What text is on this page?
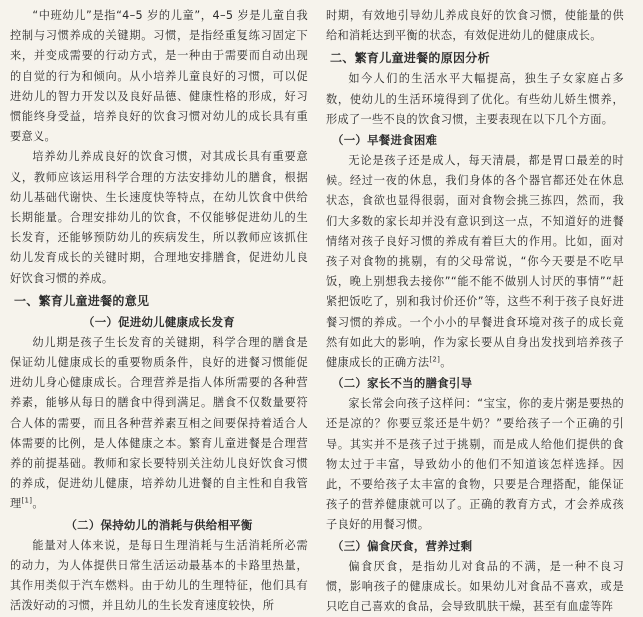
“中班幼儿”是指“4–5 岁的儿童”，4–5 岁是儿童自我控制与习惯养成的关键期。习惯，是指经重复练习固定下来，并变成需要的行动方式，是一种由于需要而自动出现的自觉的行为和倾向。从小培养儿童良好的习惯，可以促进幼儿的智力开发以及良好品德、健康性格的形成，好习惯能终身受益，培养良好的饮食习惯对幼儿的成长具有重要意义。

培养幼儿养成良好的饮食习惯，对其成长具有重要意义，教师应该运用科学合理的方法安排幼儿的膳食，根据幼儿基础代谢快、生长速度快等特点，在幼儿饮食中供给长期能量。合理安排幼儿的饮食，不仅能够促进幼儿的生长发育，还能够预防幼儿的疾病发生，所以教师应该抓住幼儿发育成长的关键时期，合理地安排膳食，促进幼儿良好饮食习惯的养成。

一、繁育儿童进餐的意见
（一）促进幼儿健康成长发育

幼儿期是孩子生长发育的关键期，科学合理的膳食是保证幼儿健康成长的重要物质条件，良好的进餐习惯能促进幼儿身心健康成长。合理营养是指人体所需要的各种营养素，能够从每日的膳食中得到满足。膳食不仅数量要符合人体的需要，而且各种营养素互相之间要保持着适合人体需要的比例，是人体健康之本。繁育儿童进餐是合理营养的前提基础。教师和家长要特别关注幼儿良好饮食习惯的养成，促进幼儿健康，培养幼儿进餐的自主性和自我管理[1]。

（二）保持幼儿的消耗与供给相平衡

能量对人体来说，是每日生理消耗与生活消耗所必需的动力，为人体提供日常生活运动最基本的卡路里热量，其作用类似于汽车燃料。由于幼儿的生理特征，他们具有活泼好动的习惯，并且幼儿的生长发育速度较快，所

时期，有效地引导幼儿养成良好的饮食习惯，使能量的供给和消耗达到平衡的状态，有效促进幼儿的健康成长。

二、繁育儿童进餐的原因分析

如今人们的生活水平大幅提高，独生子女家庭占多数，使幼儿的生活环境得到了优化。有些幼儿娇生惯养，形成了一些不良的饮食习惯，主要表现在以下几个方面。

（一）早餐进食困难

无论是孩子还是成人，每天清晨，都是胃口最差的时候。经过一夜的休息，我们身体的各个器官都还处在休息状态，食欲也显得很弱，面对食物会挑三拣四，然而，我们大多数的家长却并没有意识到这一点，不知道好的进餐情绪对孩子良好习惯的养成有着巨大的作用。比如，面对孩子对食物的挑剔，有的父母常说，“你今天要是不吃早饭，晚上别想我去接你”“能不能不做别人讨厌的事情”“赶紧把饭吃了，别和我讨价还价”等，这些不利于孩子良好进餐习惯的养成。一个小小的早餐进食环境对孩子的成长竟然有如此大的影响，作为家长要从自身出发找到培养孩子健康成长的正确方法[2]。

（二）家长不当的膳食引导

家长常会向孩子这样问：“宝宝，你的麦片粥是要热的还是凉的？你要豆浆还是牛奶？”要给孩子一个正确的引导。其实并不是孩子过于挑剔，而是成人给他们提供的食物太过于丰富，导致幼小的他们不知道该怎样选择。因此，不要给孩子太丰富的食物，只要是合理搭配，能保证孩子的营养健康就可以了。正确的教育方式，才会养成孩子良好的用餐习惯。

（三）偏食厌食，营养过剩

偏食厌食，是指幼儿对食品的不满，是一种不良习惯，影响孩子的健康成长。如果幼儿对食品不喜欢，或是只吃自己喜欢的食品，会导致肌肤干燥，甚至有血虚等阵
